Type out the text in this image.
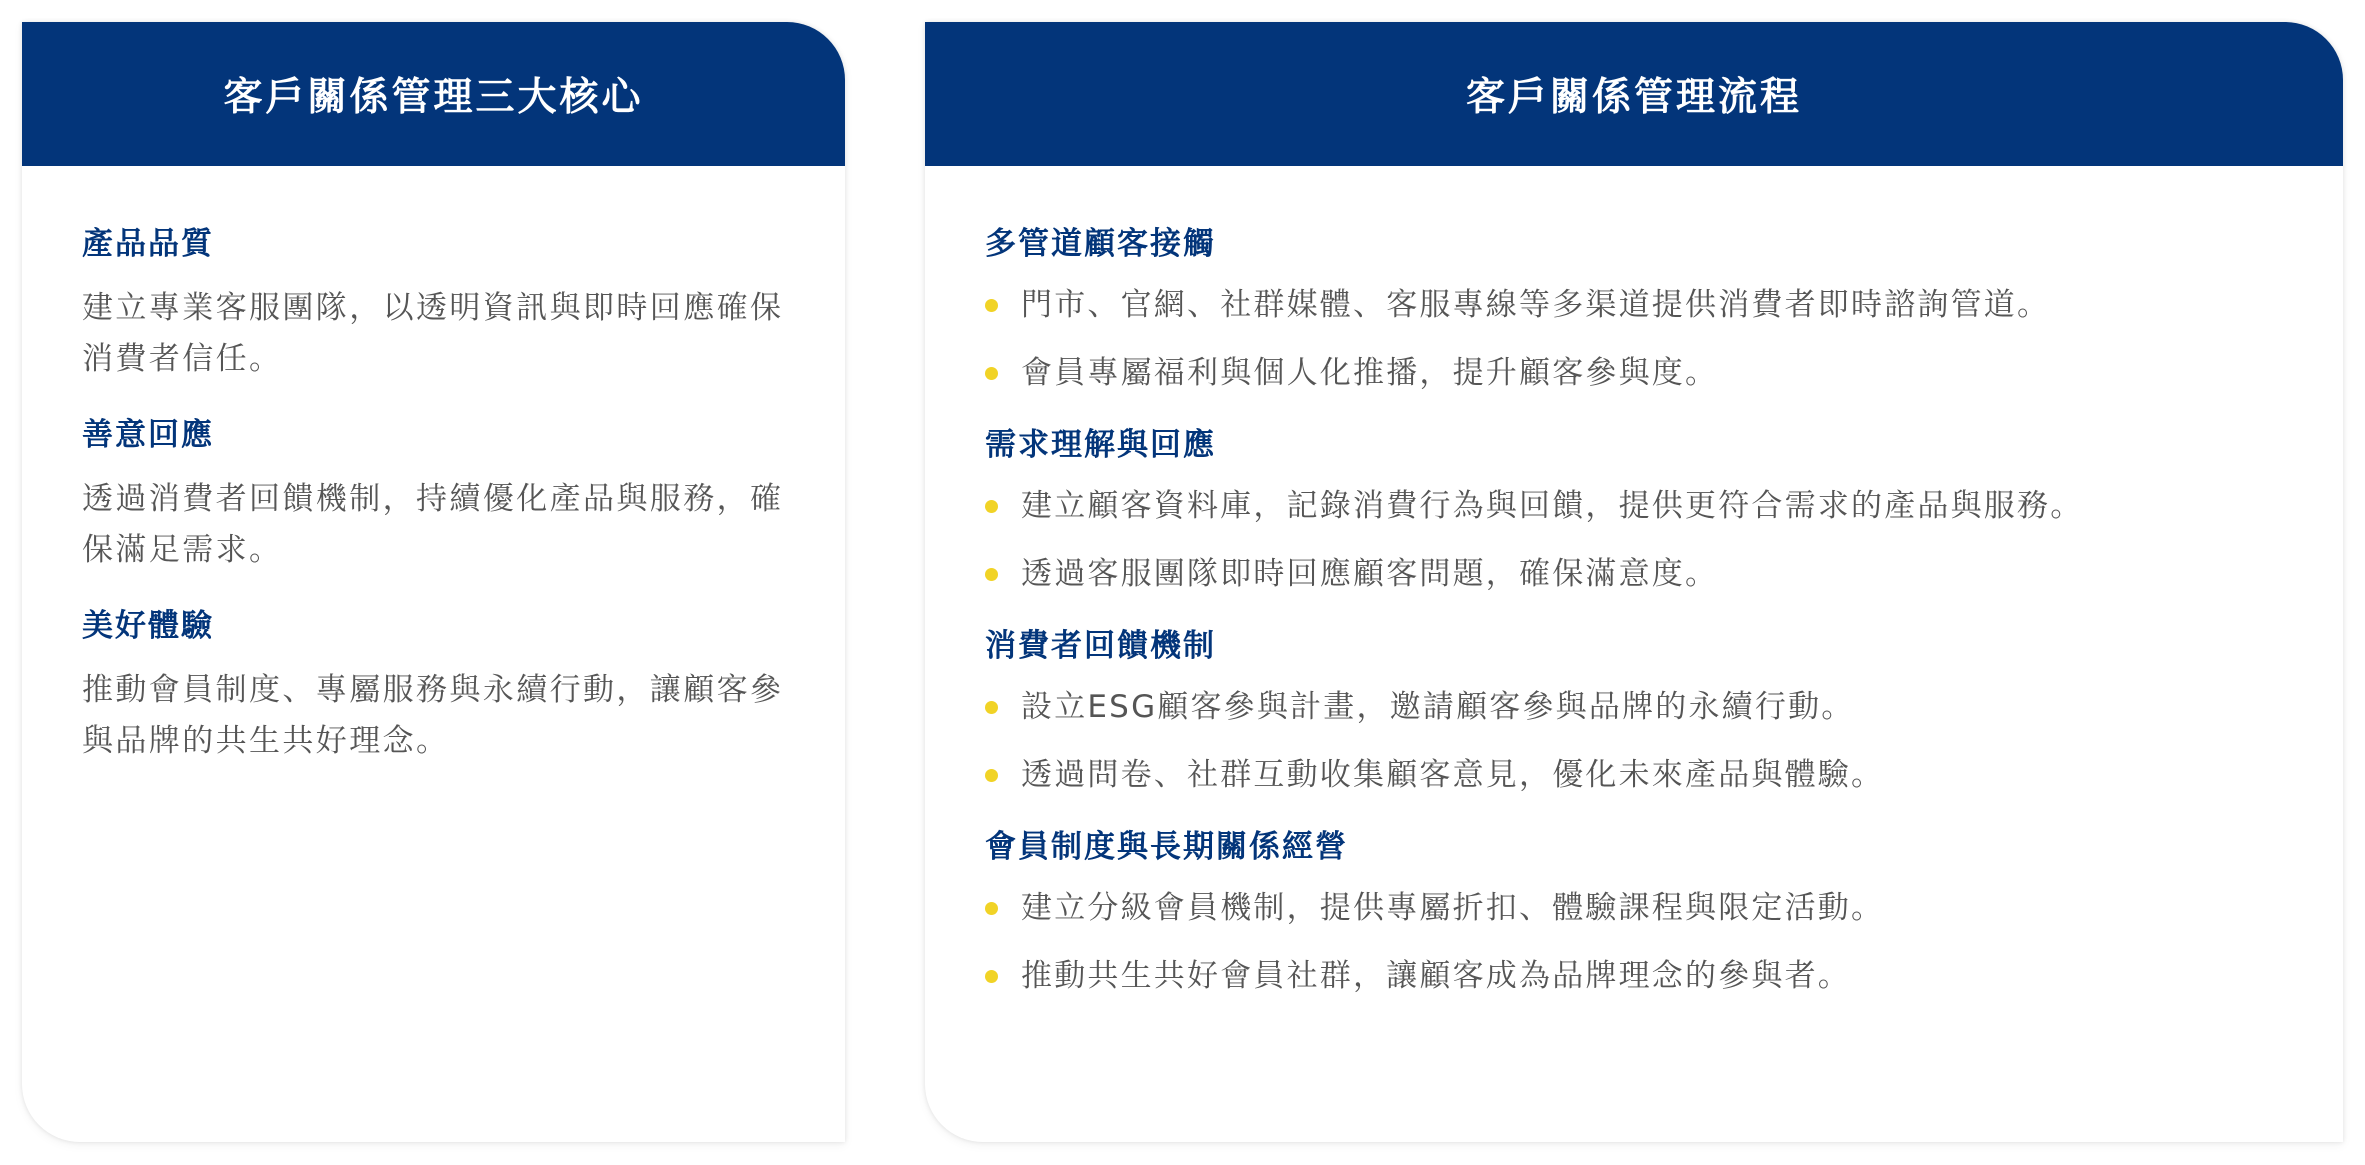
客戶關係管理三大核心
產品品質

建立專業客服團隊，以透明資訊與即時回應確保消費者信任。

善意回應

透過消費者回饋機制，持續優化產品與服務，確保滿足需求。

美好體驗

推動會員制度、專屬服務與永續行動，讓顧客參與品牌的共生共好理念。

客戶關係管理流程
多管道顧客接觸
門市、官網、社群媒體、客服專線等多渠道提供消費者即時諮詢管道。
會員專屬福利與個人化推播，提升顧客參與度。
需求理解與回應
建立顧客資料庫，記錄消費行為與回饋，提供更符合需求的產品與服務。
透過客服團隊即時回應顧客問題，確保滿意度。
消費者回饋機制
設立ESG顧客參與計畫，邀請顧客參與品牌的永續行動。
透過問卷、社群互動收集顧客意見，優化未來產品與體驗。
會員制度與長期關係經營
建立分級會員機制，提供專屬折扣、體驗課程與限定活動。
推動共生共好會員社群，讓顧客成為品牌理念的參與者。
